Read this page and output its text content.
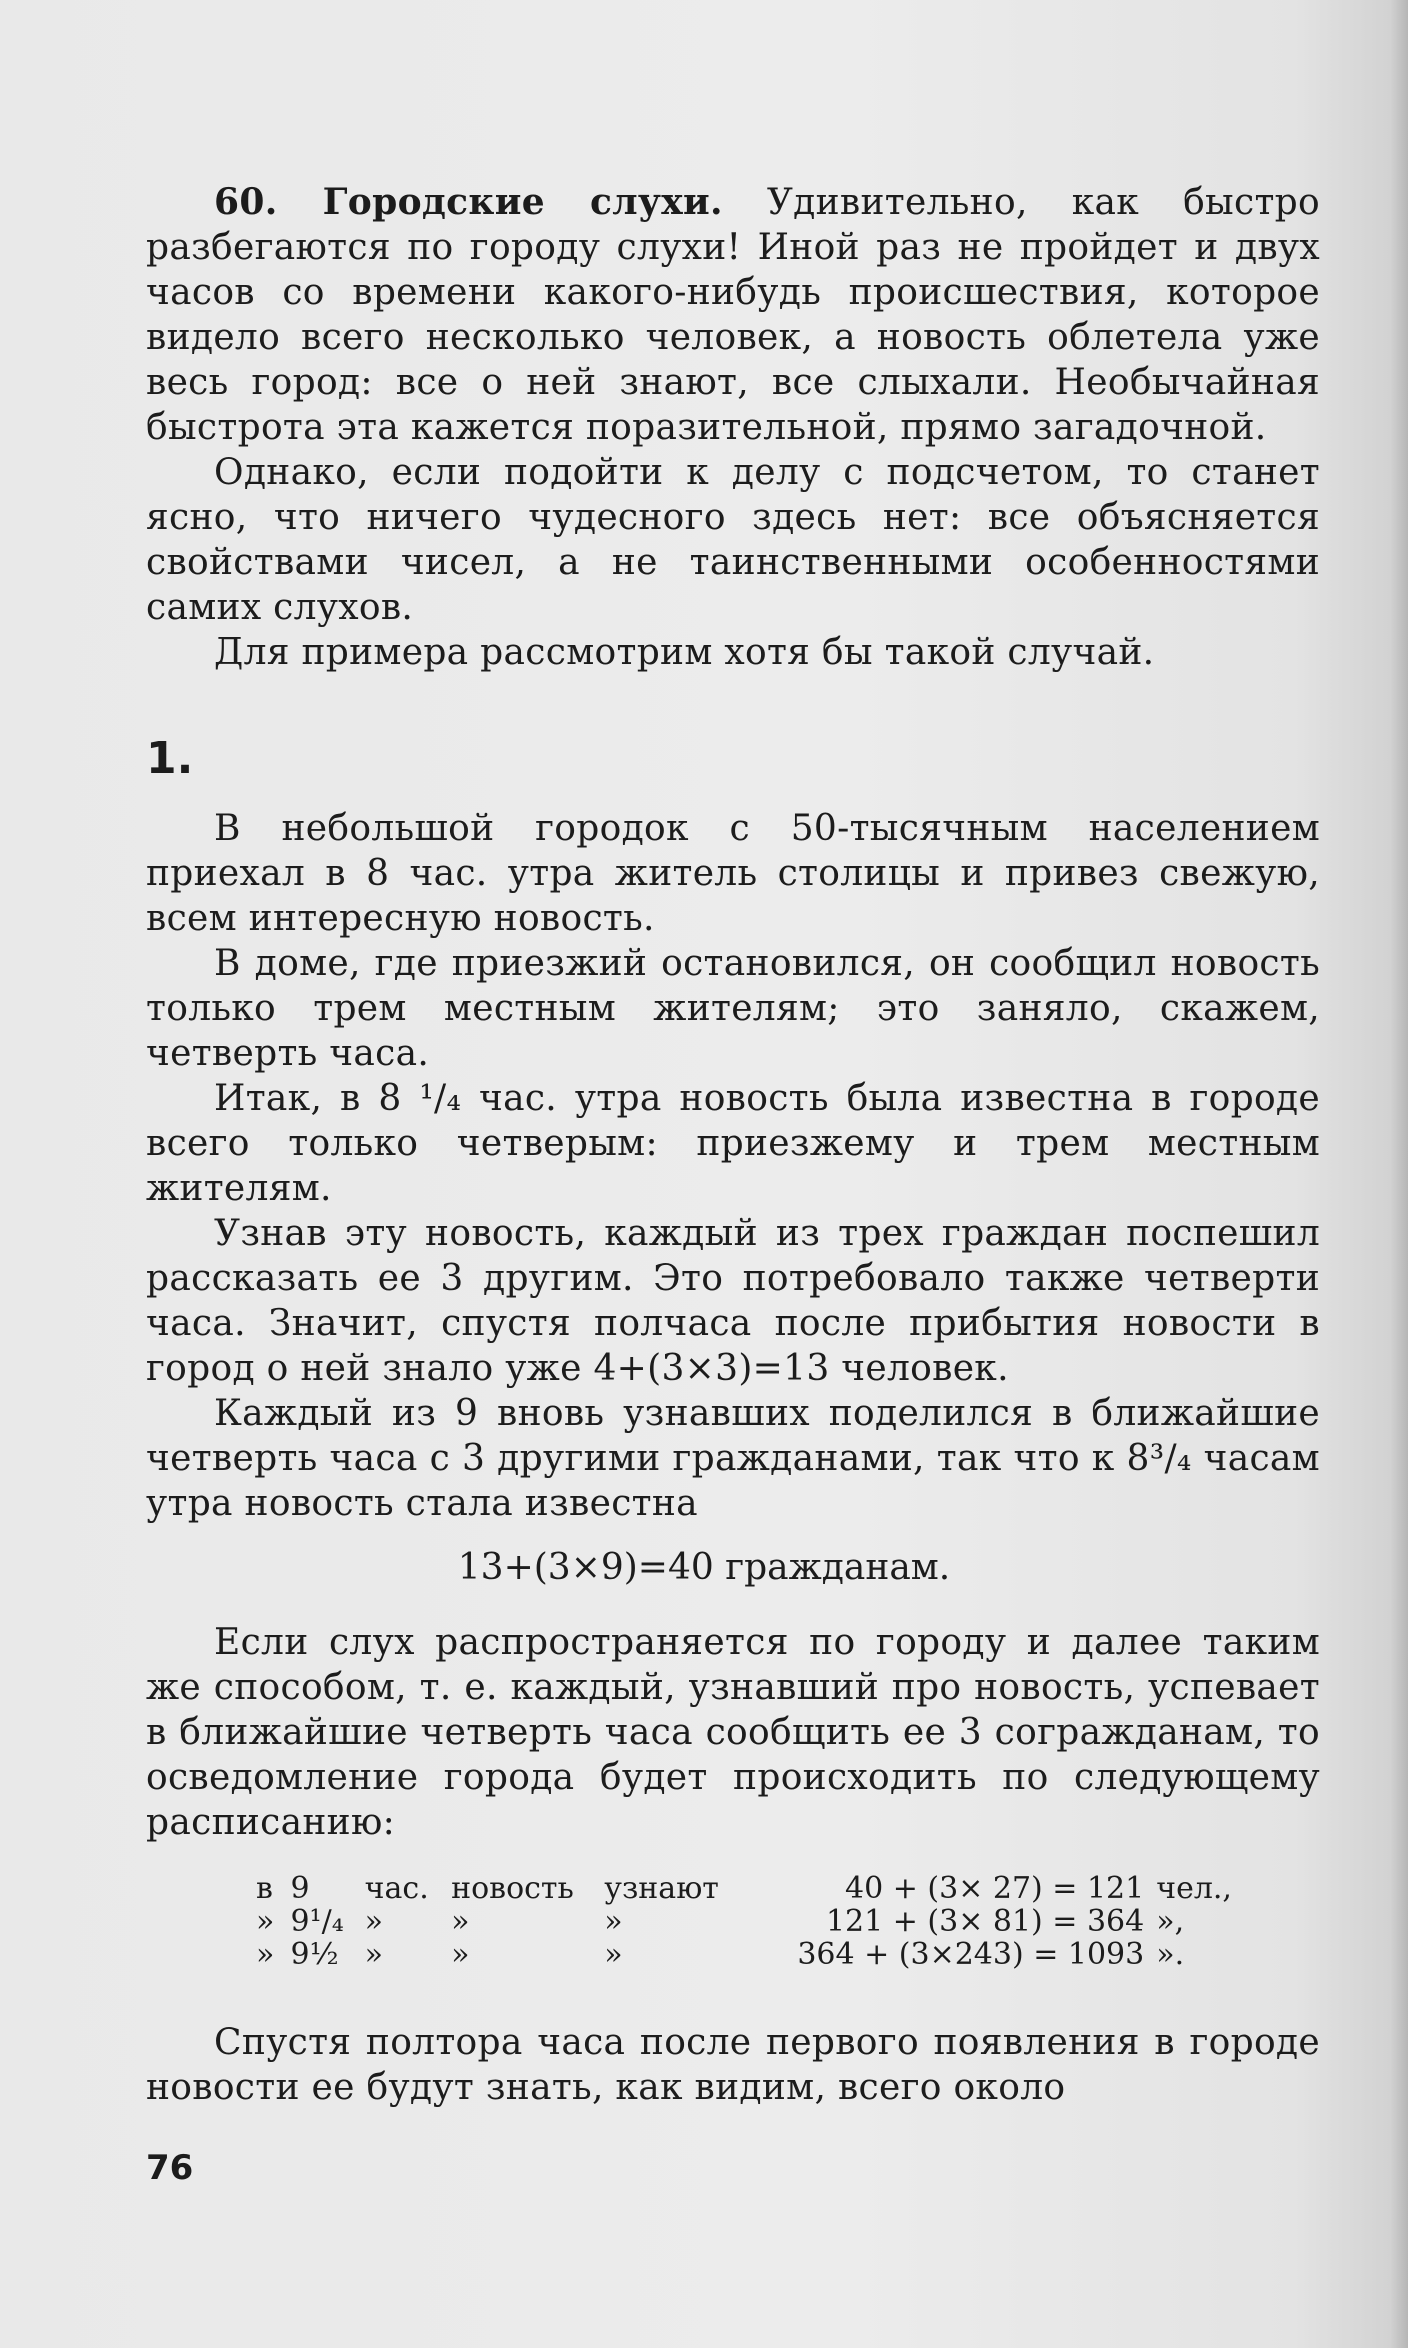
60. Городские слухи. Удивительно, как быстро разбегаются по городу слухи! Иной раз не пройдет и двух часов со времени какого-нибудь происшествия, которое видело всего несколько человек, а новость облетела уже весь город: все о ней знают, все слыхали. Необычайная быстрота эта кажется поразительной, прямо загадочной.

Однако, если подойти к делу с подсчетом, то станет ясно, что ничего чудесного здесь нет: все объясняется свойствами чисел, а не таинственными особенностями самих слухов.

Для примера рассмотрим хотя бы такой случай.

1.

В небольшой городок с 50-тысячным населением приехал в 8 час. утра житель столицы и привез свежую, всем интересную новость.

В доме, где приезжий остановился, он сообщил новость только трем местным жителям; это заняло, скажем, четверть часа.

Итак, в 8 ¹/₄ час. утра новость была известна в городе всего только четверым: приезжему и трем местным жителям.

Узнав эту новость, каждый из трех граждан поспешил рассказать ее 3 другим. Это потребовало также четверти часа. Значит, спустя полчаса после прибытия новости в город о ней знало уже 4+(3×3)=13 человек.

Каждый из 9 вновь узнавших поделился в ближайшие четверть часа с 3 другими гражданами, так что к 8³/₄ часам утра новость стала известна

13+(3×9)=40 гражданам.

Если слух распространяется по городу и далее таким же способом, т. е. каждый, узнавший про новость, успевает в ближайшие четверть часа сообщить ее 3 согражданам, то осведомление города будет происходить по следующему расписанию:

в	9	час.	новость	узнают	40 + (3× 27) = 121	чел.,
»	9¹/₄	»	»	»	121 + (3× 81) = 364	»,
»	9½	»	»	»	364 + (3×243) = 1093	».

Спустя полтора часа после первого появления в городе новости ее будут знать, как видим, всего около

76
